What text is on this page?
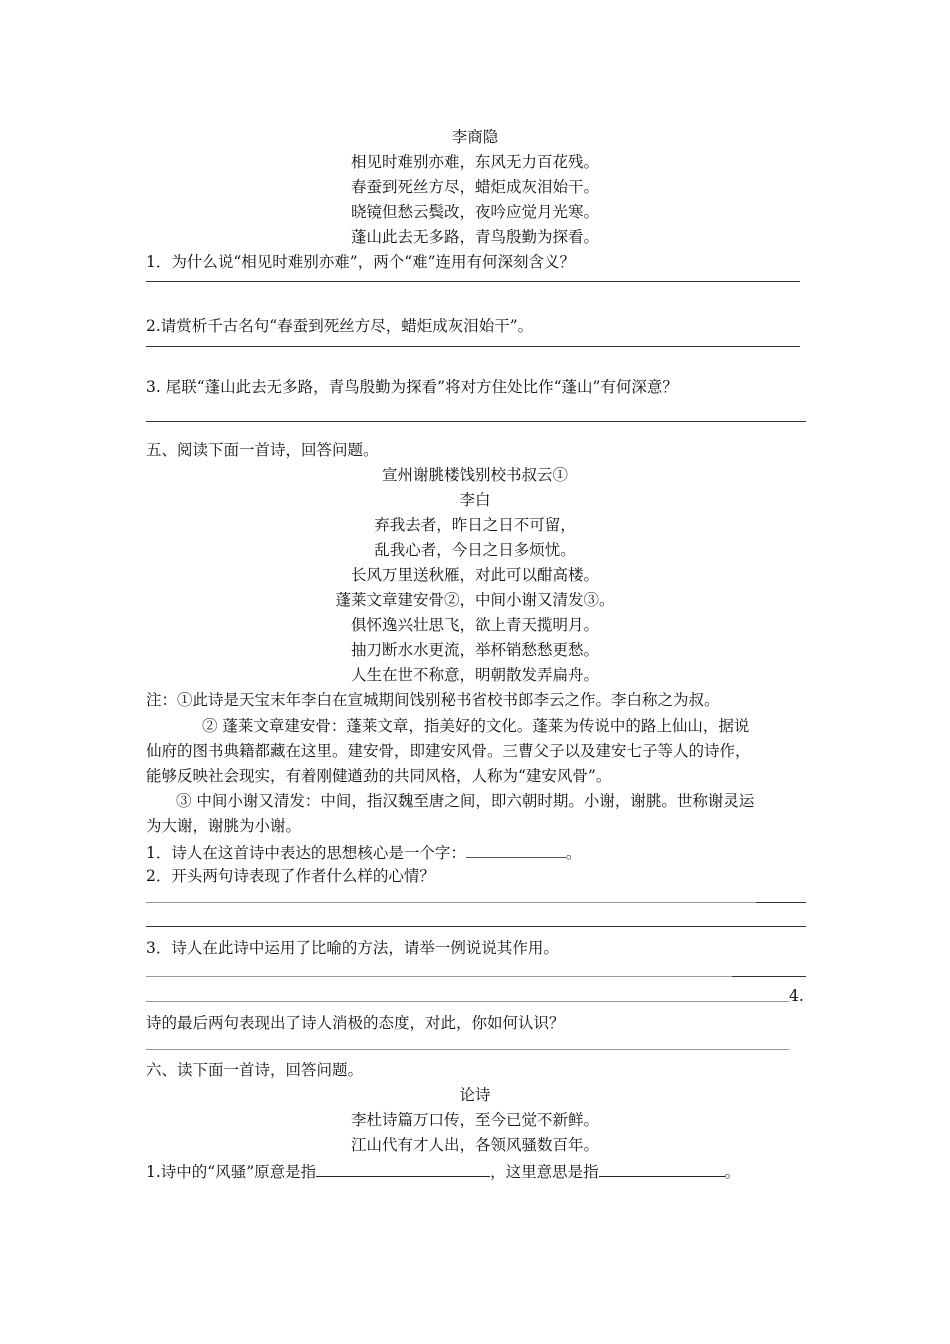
李商隐
相见时难别亦难，东风无力百花残。
春蚕到死丝方尽，蜡炬成灰泪始干。
晓镜但愁云鬓改，夜吟应觉月光寒。
蓬山此去无多路，青鸟殷勤为探看。
1．为什么说“相见时难别亦难”，两个“难”连用有何深刻含义？
2.请赏析千古名句“春蚕到死丝方尽，蜡炬成灰泪始干”。
3. 尾联“蓬山此去无多路，青鸟殷勤为探看”将对方住处比作“蓬山”有何深意？
五、阅读下面一首诗，回答问题。
宣州谢朓楼饯别校书叔云①
李白
弃我去者，昨日之日不可留，
乱我心者，今日之日多烦忧。
长风万里送秋雁，对此可以酣高楼。
蓬莱文章建安骨②，中间小谢又清发③。
俱怀逸兴壮思飞，欲上青天揽明月。
抽刀断水水更流，举杯销愁愁更愁。
人生在世不称意，明朝散发弄扁舟。
注：①此诗是天宝末年李白在宣城期间饯别秘书省校书郎李云之作。李白称之为叔。
② 蓬莱文章建安骨：蓬莱文章，指美好的文化。蓬莱为传说中的路上仙山，据说
仙府的图书典籍都藏在这里。建安骨，即建安风骨。三曹父子以及建安七子等人的诗作，
能够反映社会现实，有着刚健遒劲的共同风格，人称为“建安风骨”。
③ 中间小谢又清发：中间，指汉魏至唐之间，即六朝时期。小谢，谢朓。世称谢灵运
为大谢，谢朓为小谢。
1．诗人在这首诗中表达的思想核心是一个字：	。
2．开头两句诗表现了作者什么样的心情？
3．诗人在此诗中运用了比喻的方法，请举一例说说其作用。
4.
诗的最后两句表现出了诗人消极的态度，对此，你如何认识？
六、读下面一首诗，回答问题。
论诗
李杜诗篇万口传，至今已觉不新鲜。
江山代有才人出，各领风骚数百年。
1.诗中的“风骚”原意是指	，这里意思是指	。
